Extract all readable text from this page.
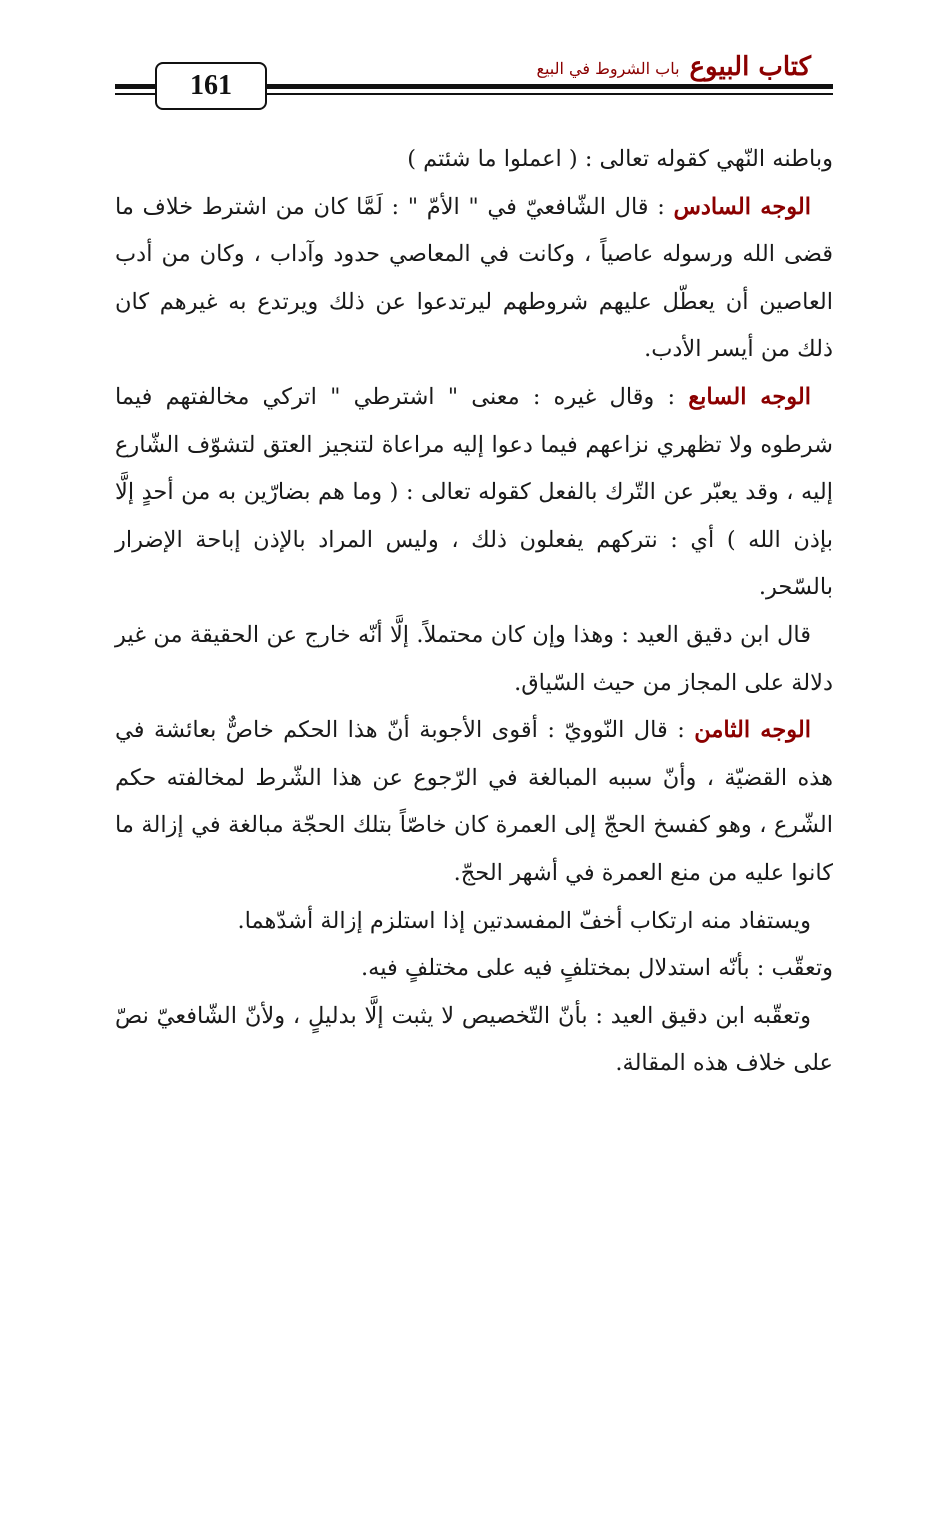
161
كتاب البيوع
باب الشروط في البيع

وباطنه النّهي كقوله تعالى : ( اعملوا ما شئتم )

الوجه السادس : قال الشّافعيّ في " الأمّ " : لَمَّا كان من اشترط خلاف ما قضى الله ورسوله عاصياً ، وكانت في المعاصي حدود وآداب ، وكان من أدب العاصين أن يعطّل عليهم شروطهم ليرتدعوا عن ذلك ويرتدع به غيرهم كان ذلك من أيسر الأدب.

الوجه السابع : وقال غيره : معنى " اشترطي " اتركي مخالفتهم فيما شرطوه ولا تظهري نزاعهم فيما دعوا إليه مراعاة لتنجيز العتق لتشوّف الشّارع إليه ، وقد يعبّر عن التّرك بالفعل كقوله تعالى : ( وما هم بضارّين به من أحدٍ إلَّا بإذن الله ) أي : نتركهم يفعلون ذلك ، وليس المراد بالإذن إباحة الإضرار بالسّحر.

قال ابن دقيق العيد : وهذا وإن كان محتملاً. إلَّا أنّه خارج عن الحقيقة من غير دلالة على المجاز من حيث السّياق.

الوجه الثامن : قال النّوويّ : أقوى الأجوبة أنّ هذا الحكم خاصٌّ بعائشة في هذه القضيّة ، وأنّ سببه المبالغة في الرّجوع عن هذا الشّرط لمخالفته حكم الشّرع ، وهو كفسخ الحجّ إلى العمرة كان خاصّاً بتلك الحجّة مبالغة في إزالة ما كانوا عليه من منع العمرة في أشهر الحجّ.

ويستفاد منه ارتكاب أخفّ المفسدتين إذا استلزم إزالة أشدّهما.

وتعقّب : بأنّه استدلال بمختلفٍ فيه على مختلفٍ فيه.

وتعقّبه ابن دقيق العيد : بأنّ التّخصيص لا يثبت إلَّا بدليلٍ ، ولأنّ الشّافعيّ نصّ على خلاف هذه المقالة.
